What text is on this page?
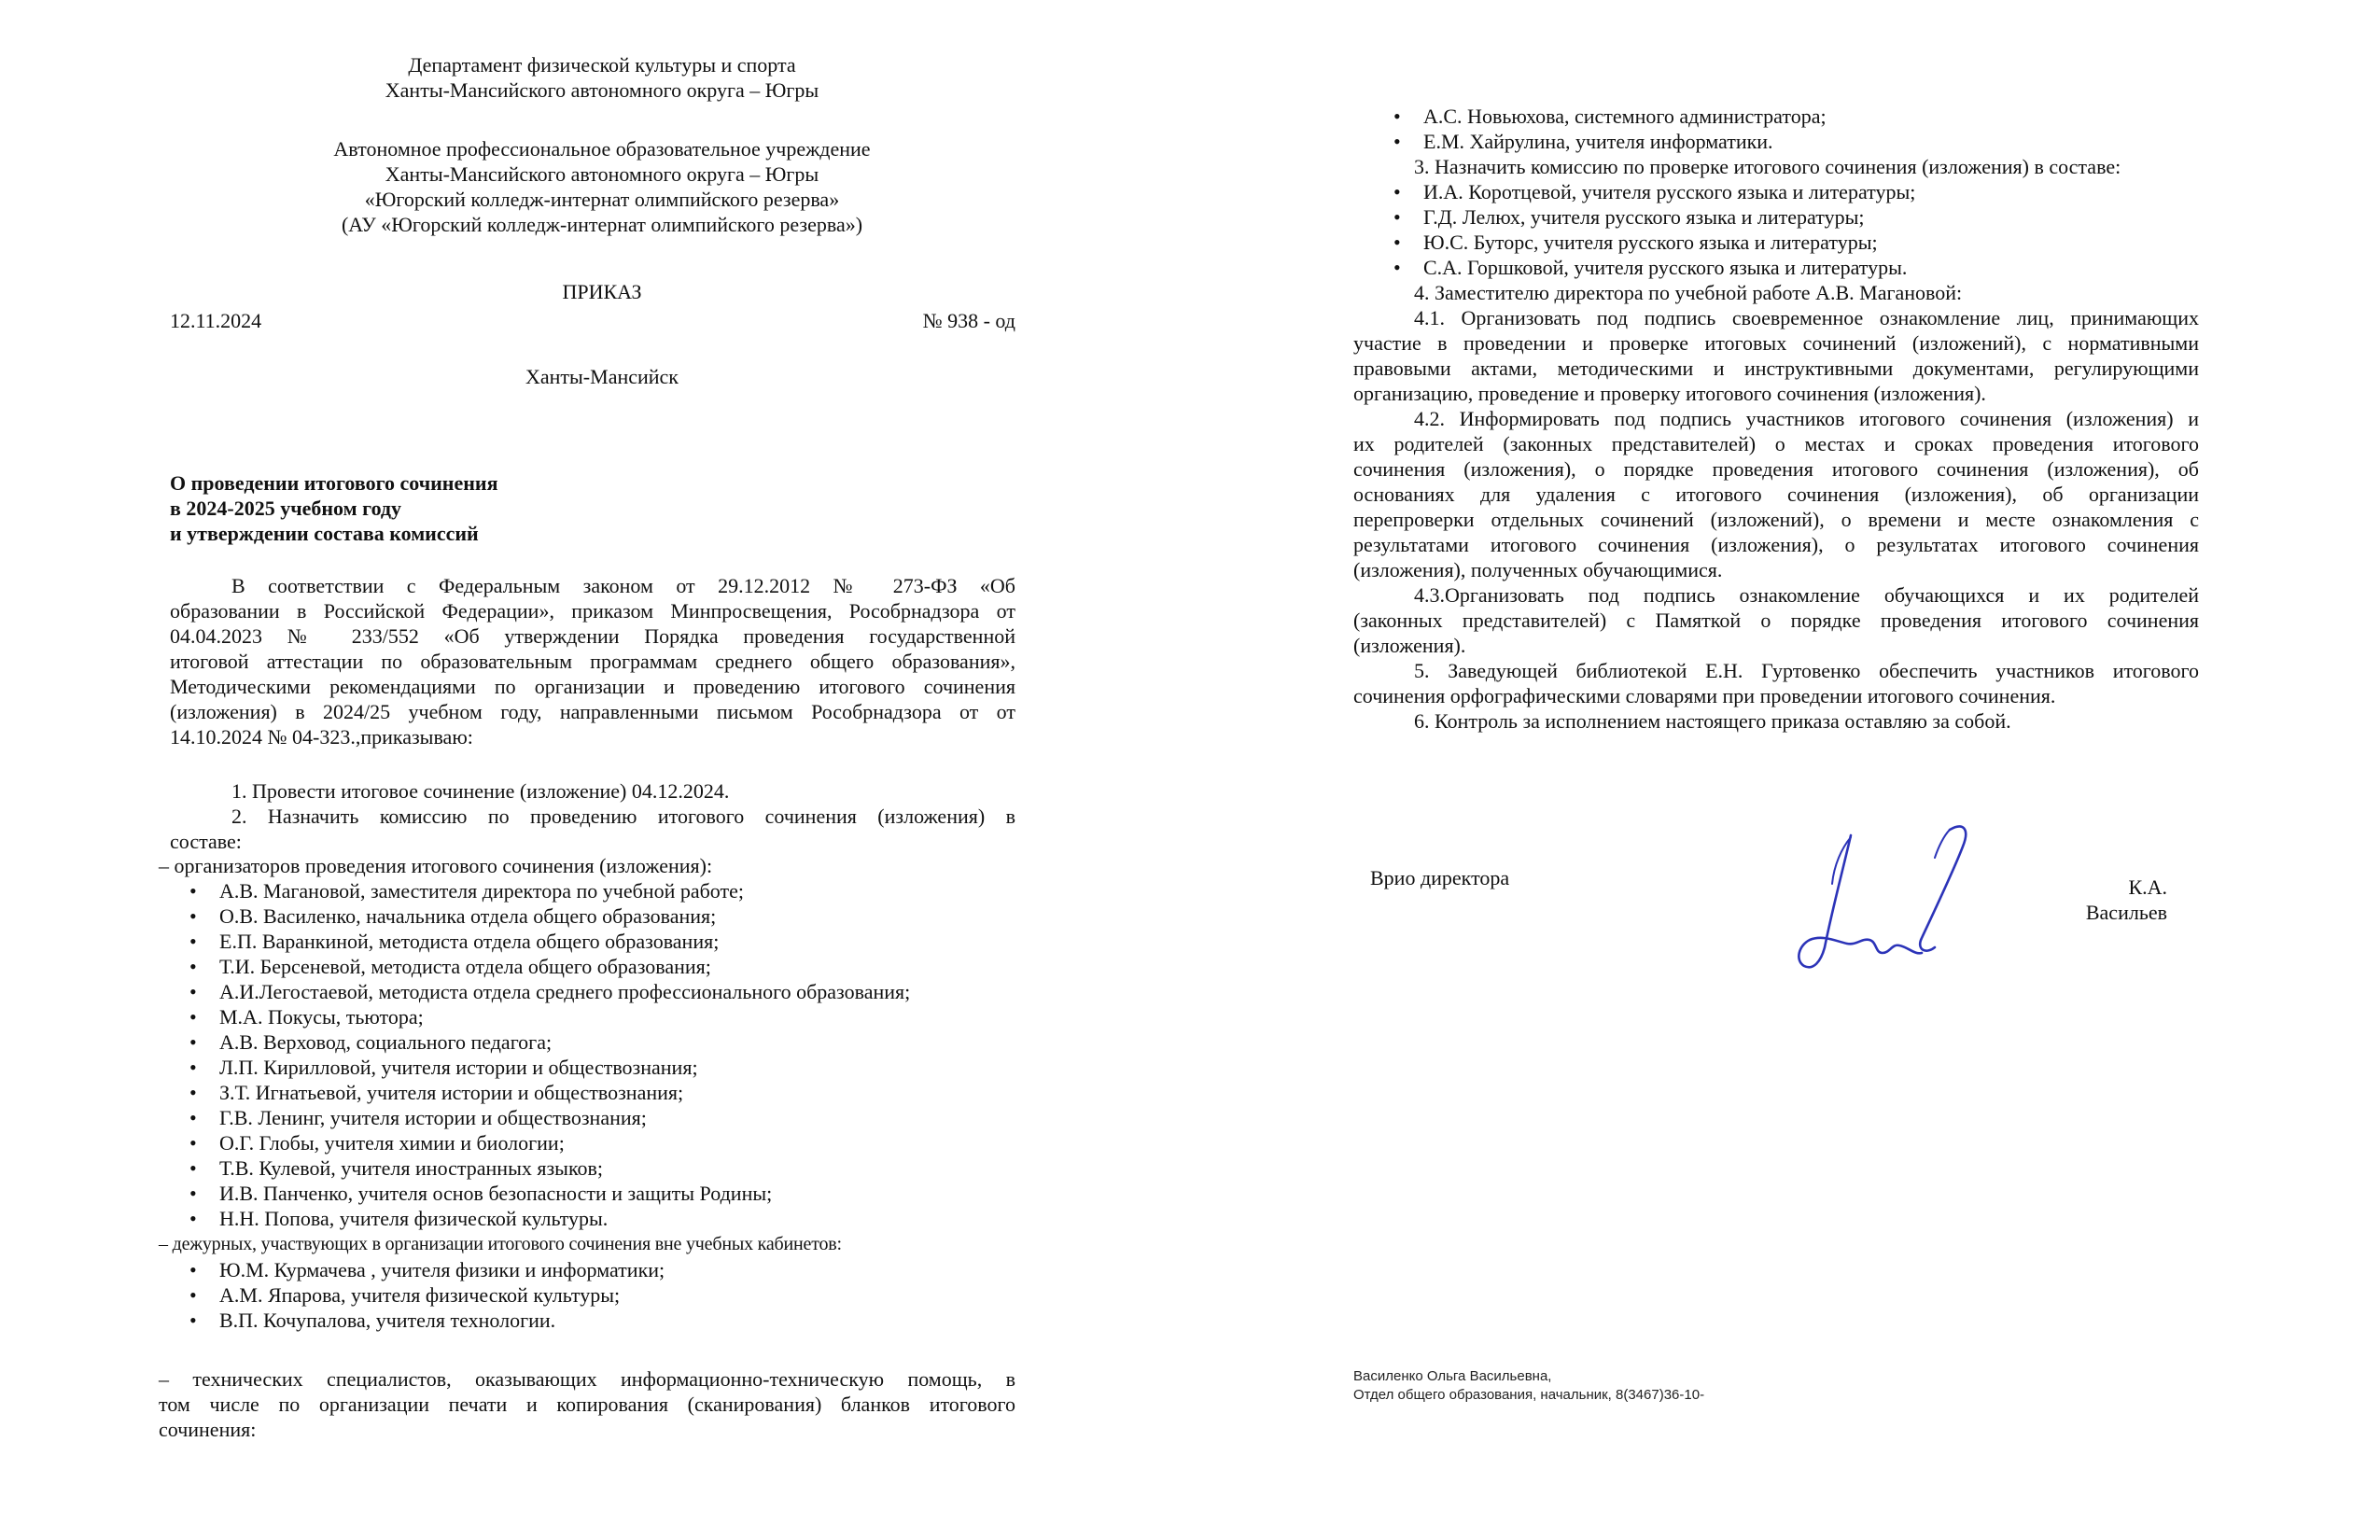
Департамент физической культуры и спорта
Ханты-Мансийского автономного округа – Югры
Автономное профессиональное образовательное учреждение
Ханты-Мансийского автономного округа – Югры
«Югорский колледж-интернат олимпийского резерва»
(АУ «Югорский колледж-интернат олимпийского резерва»)
ПРИКАЗ
12.11.2024	№ 938 - од
Ханты-Мансийск
О проведении итогового сочинения
в 2024-2025 учебном году
и утверждении состава комиссий
В соответствии с Федеральным законом от 29.12.2012 № 273-ФЗ «Об
образовании в Российской Федерации», приказом Минпросвещения, Рособрнадзора от
04.04.2023 № 233/552 «Об утверждении Порядка проведения государственной
итоговой аттестации по образовательным программам среднего общего образования»,
Методическими рекомендациями по организации и проведению итогового сочинения
(изложения) в 2024/25 учебном году, направленными письмом Рособрнадзора от от
14.10.2024 № 04-323.,приказываю:
1. Провести итоговое сочинение (изложение) 04.12.2024.
2. Назначить комиссию по проведению итогового сочинения (изложения) в
составе:
– организаторов проведения итогового сочинения (изложения):
• А.В. Магановой, заместителя директора по учебной работе;
• О.В. Василенко, начальника отдела общего образования;
• Е.П. Варанкиной, методиста отдела общего образования;
• Т.И. Берсеневой, методиста отдела общего образования;
• А.И.Легостаевой, методиста отдела среднего профессионального образования;
• М.А. Покусы, тьютора;
• А.В. Верховод, социального педагога;
• Л.П. Кирилловой, учителя истории и обществознания;
• З.Т. Игнатьевой, учителя истории и обществознания;
• Г.В. Ленинг, учителя истории и обществознания;
• О.Г. Глобы, учителя химии и биологии;
• Т.В. Кулевой, учителя иностранных языков;
• И.В. Панченко, учителя основ безопасности и защиты Родины;
• Н.Н. Попова, учителя физической культуры.
– дежурных, участвующих в организации итогового сочинения вне учебных кабинетов:
• Ю.М. Курмачева , учителя физики и информатики;
• А.М. Япарова, учителя физической культуры;
• В.П. Кочупалова, учителя технологии.
– технических специалистов, оказывающих информационно-техническую помощь, в
том числе по организации печати и копирования (сканирования) бланков итогового
сочинения:
• А.С. Новьюхова, системного администратора;
• Е.М. Хайрулина, учителя информатики.
3. Назначить комиссию по проверке итогового сочинения (изложения) в составе:
• И.А. Коротцевой, учителя русского языка и литературы;
• Г.Д. Лелюх, учителя русского языка и литературы;
• Ю.С. Буторс, учителя русского языка и литературы;
• С.А. Горшковой, учителя русского языка и литературы.
4. Заместителю директора по учебной работе А.В. Магановой:
4.1. Организовать под подпись своевременное ознакомление лиц, принимающих
участие в проведении и проверке итоговых сочинений (изложений), с нормативными
правовыми актами, методическими и инструктивными документами, регулирующими
организацию, проведение и проверку итогового сочинения (изложения).
4.2. Информировать под подпись участников итогового сочинения (изложения) и
их родителей (законных представителей) о местах и сроках проведения итогового
сочинения (изложения), о порядке проведения итогового сочинения (изложения), об
основаниях для удаления с итогового сочинения (изложения), об организации
перепроверки отдельных сочинений (изложений), о времени и месте ознакомления с
результатами итогового сочинения (изложения), о результатах итогового сочинения
(изложения), полученных обучающимися.
4.3.Организовать под подпись ознакомление обучающихся и их родителей
(законных представителей) с Памяткой о порядке проведения итогового сочинения
(изложения).
5. Заведующей библиотекой Е.Н. Гуртовенко обеспечить участников итогового
сочинения орфографическими словарями при проведении итогового сочинения.
6. Контроль за исполнением настоящего приказа оставляю за собой.
Врио директора	К.А. Васильев
Василенко Ольга Васильевна,
Отдел общего образования, начальник, 8(3467)36-10-
